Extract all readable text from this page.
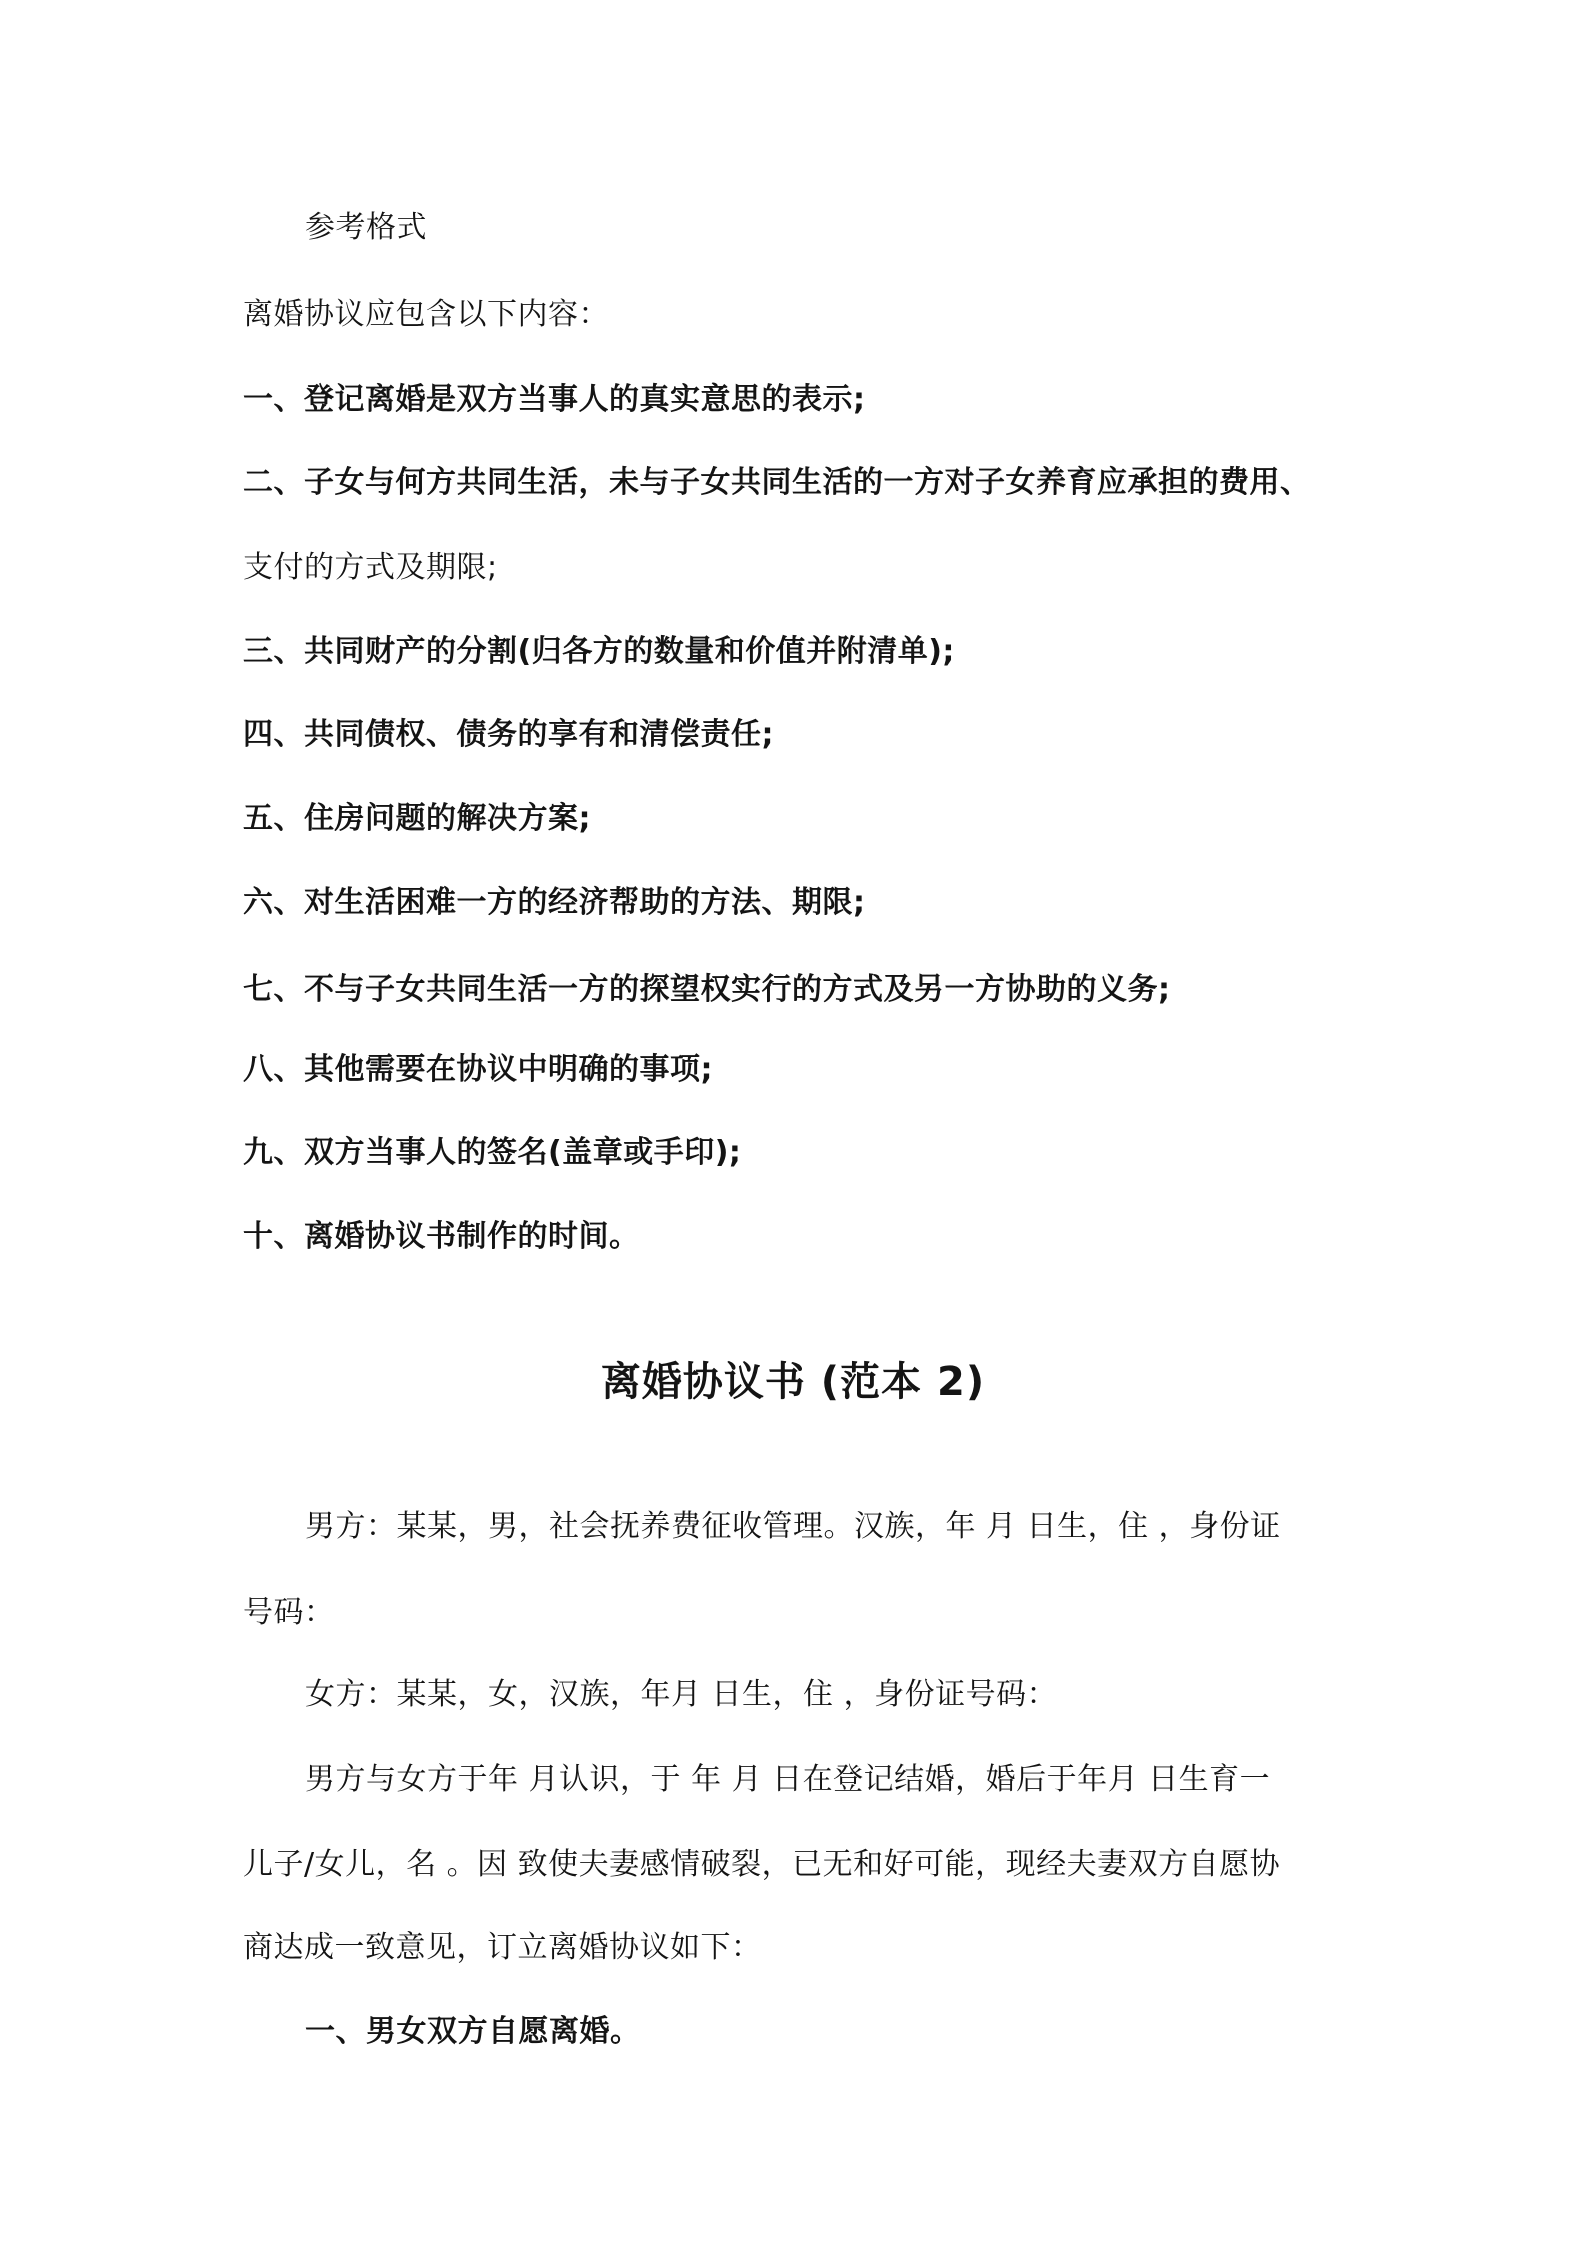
参考格式
离婚协议应包含以下内容：
一、登记离婚是双方当事人的真实意思的表示;
二、子女与何方共同生活，未与子女共同生活的一方对子女养育应承担的费用、
支付的方式及期限;
三、共同财产的分割(归各方的数量和价值并附清单);
四、共同债权、债务的享有和清偿责任;
五、住房问题的解决方案;
六、对生活困难一方的经济帮助的方法、期限;
七、不与子女共同生活一方的探望权实行的方式及另一方协助的义务;
八、其他需要在协议中明确的事项;
九、双方当事人的签名(盖章或手印);
十、离婚协议书制作的时间。
离婚协议书 (范本 2)
男方：某某，男，社会抚养费征收管理。汉族，年 月 日生，住 ，身份证
号码：
女方：某某，女，汉族，年月 日生，住 ，身份证号码：
男方与女方于年 月认识，于 年 月 日在登记结婚，婚后于年月 日生育一
儿子/女儿，名 。因 致使夫妻感情破裂，已无和好可能，现经夫妻双方自愿协
商达成一致意见，订立离婚协议如下：
一、男女双方自愿离婚。
